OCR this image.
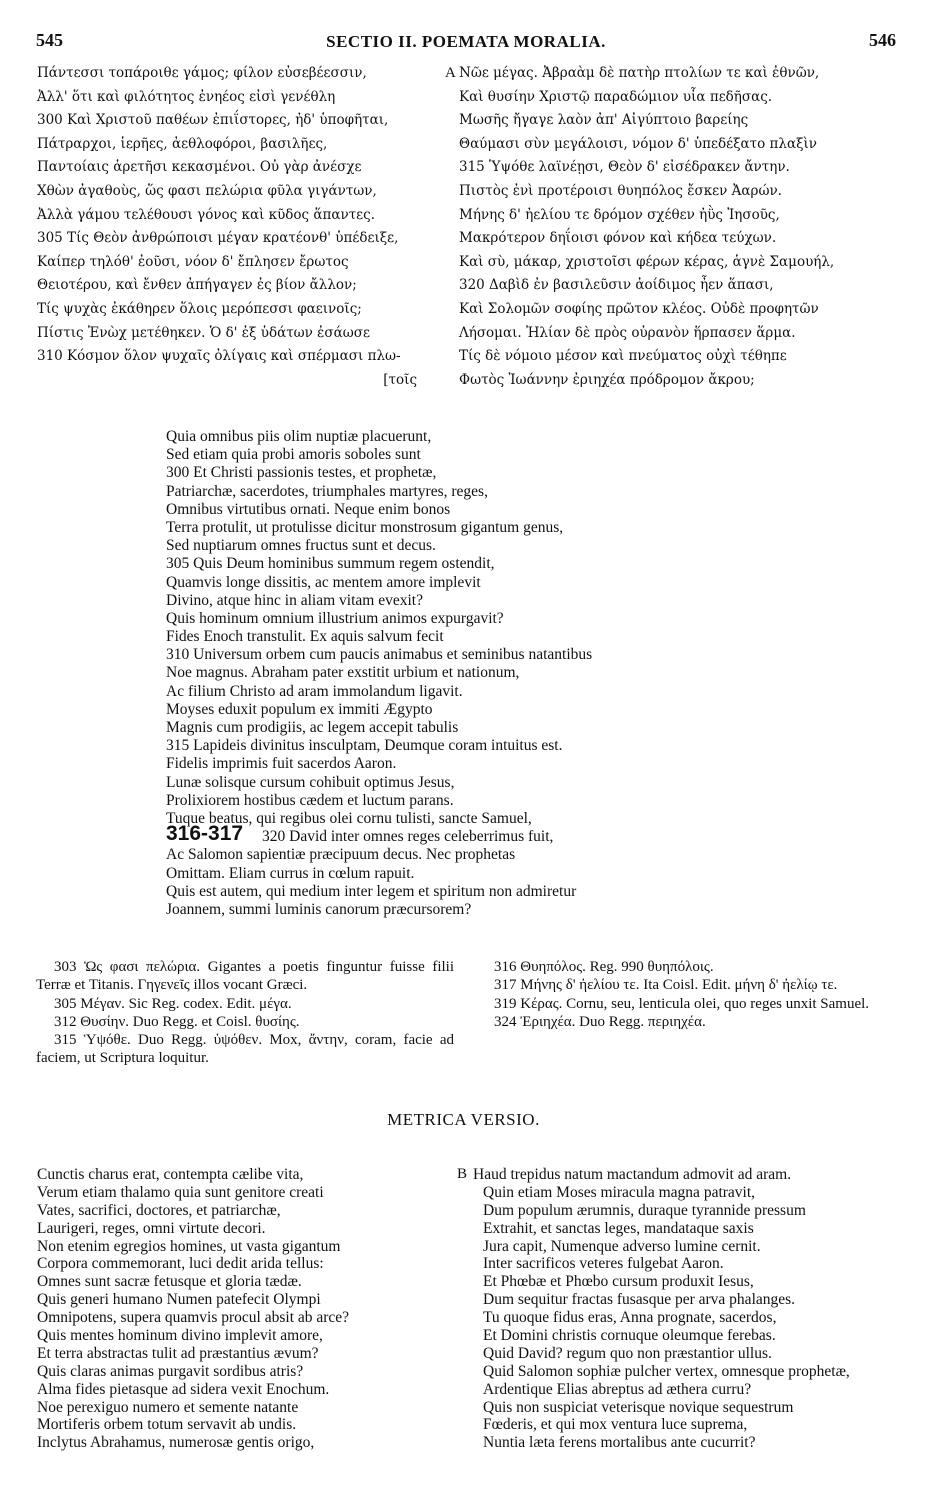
545	SECTIO II. POEMATA MORALIA.	546
Πάντεσσι τοπάροιθε γάμος; φίλον εὐσεβέεσσιν,
Ἀλλ' ὅτι καὶ φιλότητος ἐνηέος εἰσὶ γενέθλη
300 Καὶ Χριστοῦ παθέων ἐπιΐστορες, ἠδ' ὑποφῆται,
Πάτραρχοι, ἱερῆες, ἀεθλοφόροι, βασιλῆες,
Παντοίαις ἀρετῆσι κεκασμένοι. Οὐ γὰρ ἀνέσχε
Χθὼν ἀγαθοὺς, ὥς φασι πελώρια φῦλα γιγάντων,
Ἀλλὰ γάμου τελέθουσι γόνος καὶ κῦδος ἅπαντες.
305 Τίς Θεὸν ἀνθρώποισι μέγαν κρατέονθ' ὑπέδειξε,
Καίπερ τηλόθ' ἐοῦσι, νόον δ' ἔπλησεν ἔρωτος
Θειοτέρου, καὶ ἔνθεν ἀπήγαγεν ἐς βίον ἄλλον;
Τίς ψυχὰς ἐκάθηρεν ὅλοις μερόπεσσι φαεινοῖς;
Πίστις Ἐνὼχ μετέθηκεν. Ὁ δ' ἐξ ὑδάτων ἐσάωσε
310 Κόσμον ὅλον ψυχαῖς ὀλίγαις καὶ σπέρμασι πλω-
[τοῖς
A Νῶε μέγας. Ἀβραὰμ δὲ πατὴρ πτολίων τε καὶ ἐθνῶν,
Καὶ θυσίην Χριστῷ παραδώμιον υἷα πεδῆσας.
Μωσῆς ἤγαγε λαὸν ἀπ' Αἰγύπτοιο βαρείης
Θαύμασι σὺν μεγάλοισι, νόμον δ' ὑπεδέξατο πλαξὶν
315 Ὑψόθε λαϊνέῃσι, Θεὸν δ' εἰσέδρακεν ἄντην.
Πιστὸς ἐνὶ προτέροισι θυηπόλος ἔσκεν Ἀαρών.
Μήνης δ' ἠελίου τε δρόμον σχέθεν ἠῢς Ἰησοῦς,
Μακρότερον δηΐοισι φόνον καὶ κήδεα τεύχων.
Καὶ σὺ, μάκαρ, χριστοῖσι φέρων κέρας, ἁγνὲ Σαμουήλ,
320 Δαβὶδ ἐν βασιλεῦσιν ἀοίδιμος ἦεν ἅπασι,
Καὶ Σολομῶν σοφίης πρῶτον κλέος. Οὐδὲ προφητῶν
Λήσομαι. Ἠλίαν δὲ πρὸς οὐρανὸν ἥρπασεν ἅρμα.
Τίς δὲ νόμοιο μέσον καὶ πνεύματος οὐχὶ τέθηπε
Φωτὸς Ἰωάννην ἐριηχέα πρόδρομον ἄκρου;
Quia omnibus piis olim nuptiæ placuerunt,
Sed etiam quia probi amoris soboles sunt
300 Et Christi passionis testes, et prophetæ,
Patriarchæ, sacerdotes, triumphales martyres, reges,
Omnibus virtutibus ornati. Neque enim bonos
Terra protulit, ut protulisse dicitur monstrosum gigantum genus,
Sed nuptiarum omnes fructus sunt et decus.
305 Quis Deum hominibus summum regem ostendit,
Quamvis longe dissitis, ac mentem amore implevit
Divino, atque hinc in aliam vitam evexit?
Quis hominum omnium illustrium animos expurgavit?
Fides Enoch transtulit. Ex aquis salvum fecit
310 Universum orbem cum paucis animabus et seminibus natantibus
Noe magnus. Abraham pater exstitit urbium et nationum,
Ac filium Christo ad aram immolandum ligavit.
Moyses eduxit populum ex immiti Ægypto
Magnis cum prodigiis, ac legem accepit tabulis
315 Lapideis divinitus insculptam, Deumque coram intuitus est.
Fidelis imprimis fuit sacerdos Aaron.
Lunæ solisque cursum cohibuit optimus Jesus,
Prolixiorem hostibus cædem et luctum parans.
Tuque beatus, qui regibus olei cornu tulisti, sancte Samuel,
316-317 320 David inter omnes reges celeberrimus fuit,
Ac Salomon sapientiæ præcipuum decus. Nec prophetas
Omittam. Eliam currus in cœlum rapuit.
Quis est autem, qui medium inter legem et spiritum non admiretur
Joannem, summi luminis canorum præcursorem?

303 Ὡς φασι πελώρια. Gigantes a poetis finguntur fuisse filii Terræ et Titanis. Γηγενεῖς illos vocant Græci.

305 Μέγαν. Sic Reg. codex. Edit. μέγα.

312 Θυσίην. Duo Regg. et Coisl. θυσίης.

315 Ὑψόθε. Duo Regg. ὑψόθεν. Mox, ἄντην, coram, facie ad faciem, ut Scriptura loquitur.

316 Θυηπόλος. Reg. 990 θυηπόλοις.

317 Μήνης δ' ἠελίου τε. Ita Coisl. Edit. μήνη δ' ἠελίῳ τε.

319 Κέρας. Cornu, seu, lenticula olei, quo reges unxit Samuel.

324 Ἐριηχέα. Duo Regg. περιηχέα.

METRICA VERSIO.
Cunctis charus erat, contempta cælibe vita,
Verum etiam thalamo quia sunt genitore creati
Vates, sacrifici, doctores, et patriarchæ,
Laurigeri, reges, omni virtute decori.
Non etenim egregios homines, ut vasta gigantum
Corpora commemorant, luci dedit arida tellus:
Omnes sunt sacræ fetusque et gloria tædæ.
Quis generi humano Numen patefecit Olympi
Omnipotens, supera quamvis procul absit ab arce?
Quis mentes hominum divino implevit amore,
Et terra abstractas tulit ad præstantius ævum?
Quis claras animas purgavit sordibus atris?
Alma fides pietasque ad sidera vexit Enochum.
Noe perexiguo numero et semente natante
Mortiferis orbem totum servavit ab undis.
Inclytus Abrahamus, numerosæ gentis origo,
B Haud trepidus natum mactandum admovit ad aram.
Quin etiam Moses miracula magna patravit,
Dum populum ærumnis, duraque tyrannide pressum
Extrahit, et sanctas leges, mandataque saxis
Jura capit, Numenque adverso lumine cernit.
Inter sacrificos veteres fulgebat Aaron.
Et Phœbæ et Phœbo cursum produxit Iesus,
Dum sequitur fractas fusasque per arva phalanges.
Tu quoque fidus eras, Anna prognate, sacerdos,
Et Domini christis cornuque oleumque ferebas.
Quid David? regum quo non præstantior ullus.
Quid Salomon sophiæ pulcher vertex, omnesque prophetæ,
Ardentique Elias abreptus ad æthera curru?
Quis non suspiciat veterisque novique sequestrum
Fœderis, et qui mox ventura luce suprema,
Nuntia læta ferens mortalibus ante cucurrit?
